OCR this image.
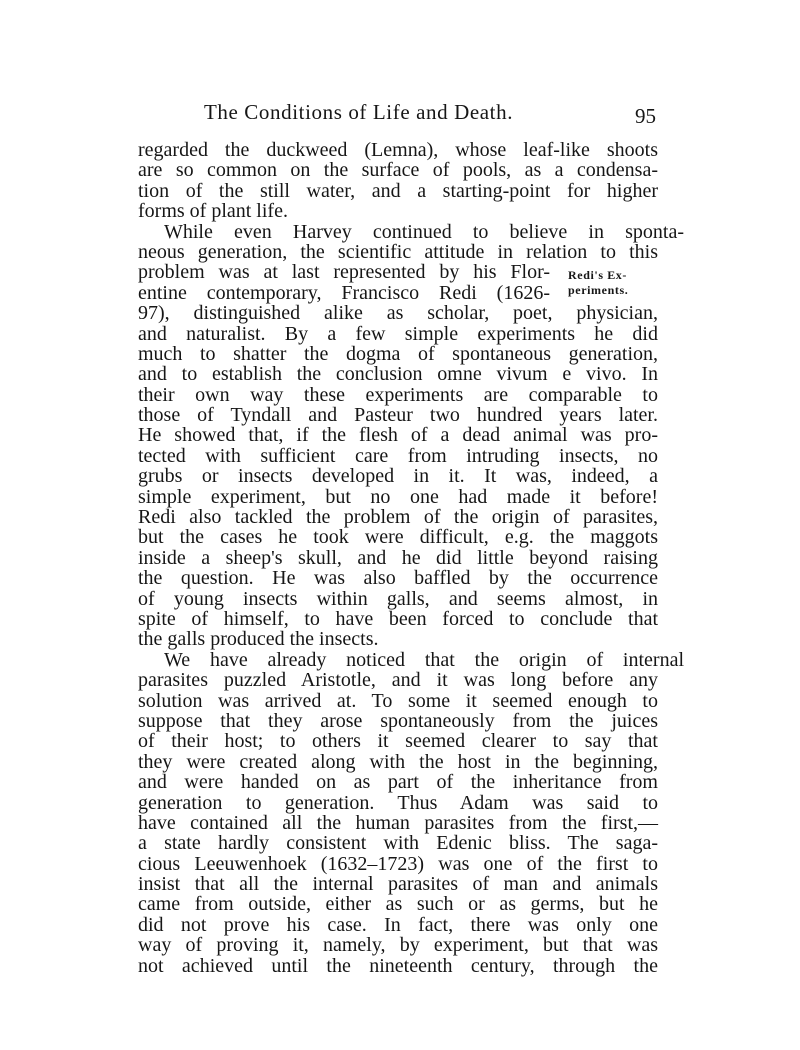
The Conditions of Life and Death.	95
Redi's Ex-
periments.
regarded the duckweed (Lemna), whose leaf-like shoots
are so common on the surface of pools, as a condensa-
tion of the still water, and a starting-point for higher
forms of plant life.
While even Harvey continued to believe in sponta-
neous generation, the scientific attitude in relation to this
problem was at last represented by his Flor-
entine contemporary, Francisco Redi (1626-
97), distinguished alike as scholar, poet, physician,
and naturalist. By a few simple experiments he did
much to shatter the dogma of spontaneous generation,
and to establish the conclusion omne vivum e vivo. In
their own way these experiments are comparable to
those of Tyndall and Pasteur two hundred years later.
He showed that, if the flesh of a dead animal was pro-
tected with sufficient care from intruding insects, no
grubs or insects developed in it. It was, indeed, a
simple experiment, but no one had made it before!
Redi also tackled the problem of the origin of parasites,
but the cases he took were difficult, e.g. the maggots
inside a sheep's skull, and he did little beyond raising
the question. He was also baffled by the occurrence
of young insects within galls, and seems almost, in
spite of himself, to have been forced to conclude that
the galls produced the insects.
We have already noticed that the origin of internal
parasites puzzled Aristotle, and it was long before any
solution was arrived at. To some it seemed enough to
suppose that they arose spontaneously from the juices
of their host; to others it seemed clearer to say that
they were created along with the host in the beginning,
and were handed on as part of the inheritance from
generation to generation. Thus Adam was said to
have contained all the human parasites from the first,—
a state hardly consistent with Edenic bliss. The saga-
cious Leeuwenhoek (1632–1723) was one of the first to
insist that all the internal parasites of man and animals
came from outside, either as such or as germs, but he
did not prove his case. In fact, there was only one
way of proving it, namely, by experiment, but that was
not achieved until the nineteenth century, through the
